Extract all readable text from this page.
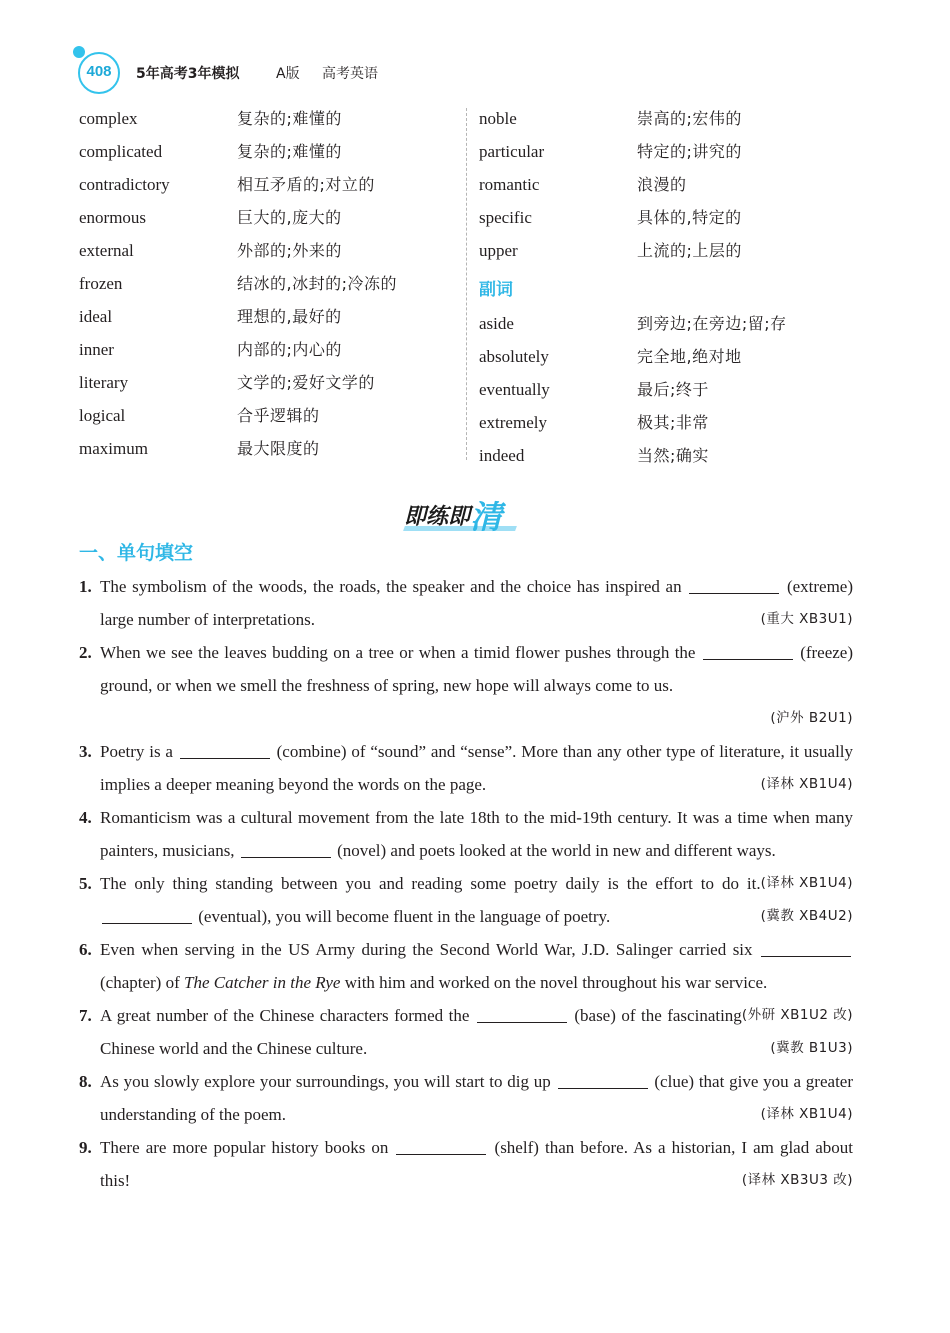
408	5年高考3年模拟	A版 高考英语
complex	复杂的;难懂的
complicated	复杂的;难懂的
contradictory	相互矛盾的;对立的
enormous	巨大的,庞大的
external	外部的;外来的
frozen	结冰的,冰封的;冷冻的
ideal	理想的,最好的
inner	内部的;内心的
literary	文学的;爱好文学的
logical	合乎逻辑的
maximum	最大限度的
noble	崇高的;宏伟的
particular	特定的;讲究的
romantic	浪漫的
specific	具体的,特定的
upper	上流的;上层的
副词
aside	到旁边;在旁边;留;存
absolutely	完全地,绝对地
eventually	最后;终于
extremely	极其;非常
indeed	当然;确实
即练即清
一、单句填空
1. The symbolism of the woods, the roads, the speaker and the choice has inspired an	(extreme) large number of interpretations.	(重大 XB3U1)
2. When we see the leaves budding on a tree or when a timid flower pushes through the	(freeze) ground, or when we smell the freshness of spring, new hope will always come to us.
(沪外 B2U1)
3. Poetry is a	(combine) of “sound” and “sense”. More than any other type of literature, it usually implies a deeper meaning beyond the words on the page.	(译林 XB1U4)
4. Romanticism was a cultural movement from the late 18th to the mid-19th century. It was a time when many painters, musicians,	(novel) and poets looked at the world in new and different ways.
(译林 XB1U4)
5. The only thing standing between you and reading some poetry daily is the effort to do it.  (eventual), you will become fluent in the language of poetry.	(冀教 XB4U2)
6. Even when serving in the US Army during the Second World War, J.D. Salinger carried six  (chapter) of The Catcher in the Rye with him and worked on the novel throughout his war service.
(外研 XB1U2 改)
7. A great number of the Chinese characters formed the	(base) of the fascinating Chinese world and the Chinese culture.	(冀教 B1U3)
8. As you slowly explore your surroundings, you will start to dig up	(clue) that give you a greater understanding of the poem.	(译林 XB1U4)
9. There are more popular history books on	(shelf) than before. As a historian, I am glad about this!	(译林 XB3U3 改)
